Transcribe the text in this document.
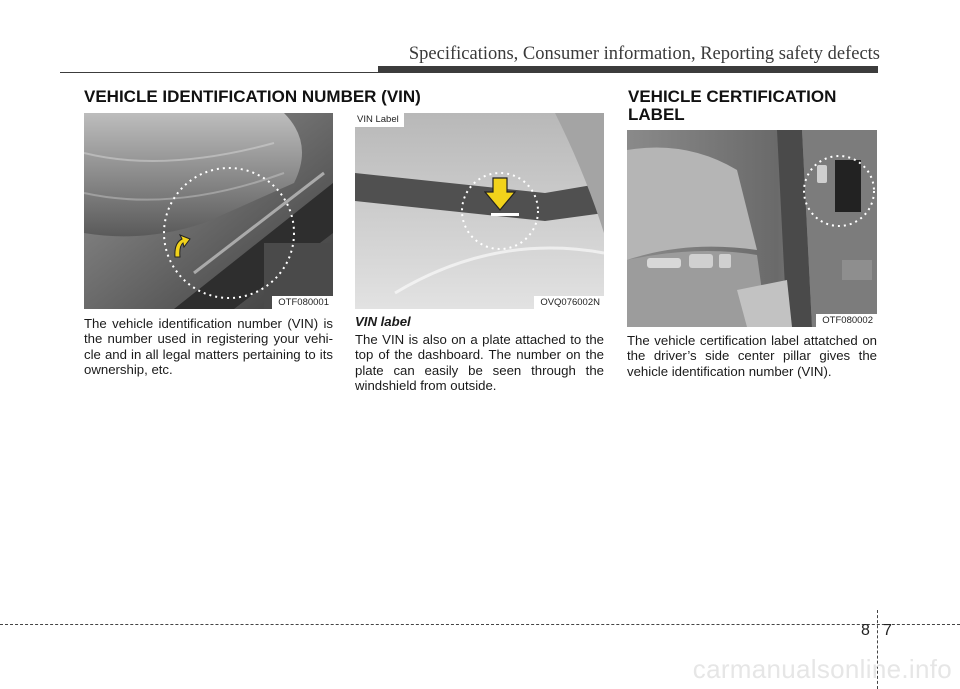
Specifications, Consumer information, Reporting safety defects
VEHICLE IDENTIFICATION NUMBER (VIN)	VEHICLE CERTIFICATION LABEL
OTF080001
The vehicle identification number (VIN) is the number used in registering your vehi-cle and in all legal matters pertaining to its ownership, etc.
VIN Label
OVQ076002N
VIN label
The VIN is also on a plate attached to the top of the dashboard. The number on the plate can easily be seen through the windshield from outside.
OTF080002
The vehicle certification label attatched on the driver’s side center pillar gives the vehicle identification number (VIN).
8 7
carmanualsonline.info
